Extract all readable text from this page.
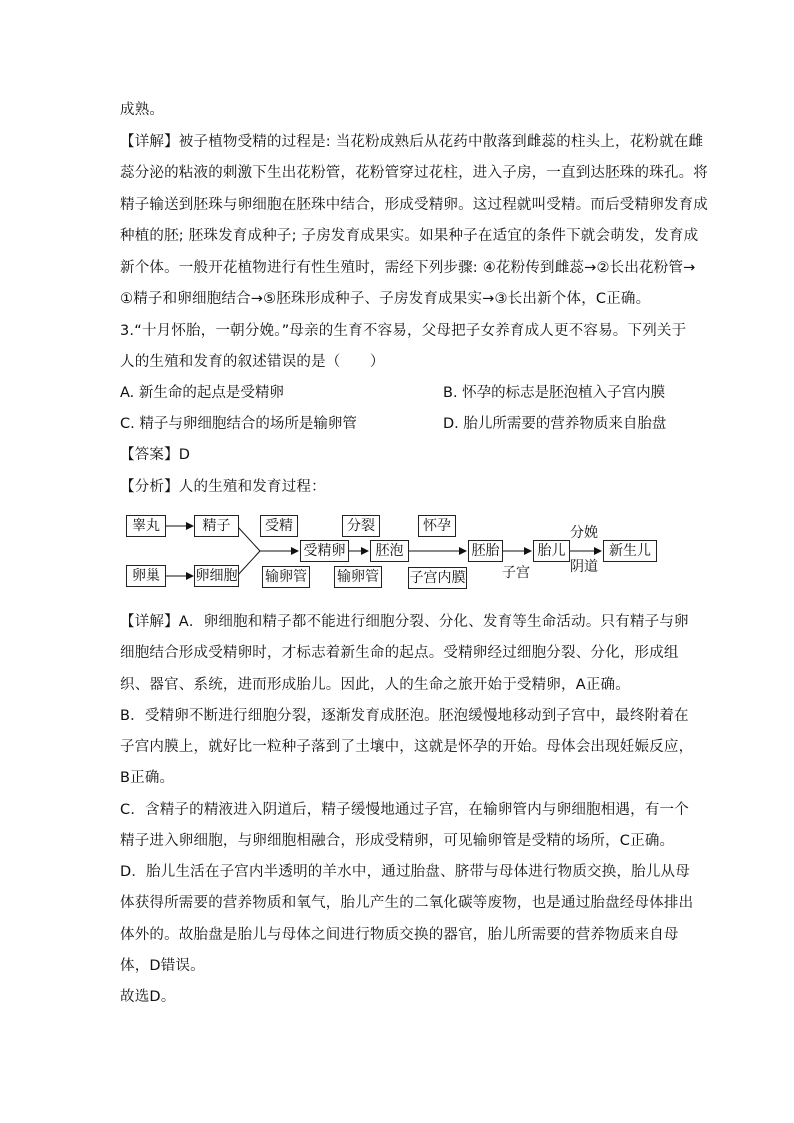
成熟。
【详解】被子植物受精的过程是: 当花粉成熟后从花药中散落到雌蕊的柱头上，花粉就在雌
蕊分泌的粘液的刺激下生出花粉管，花粉管穿过花柱，进入子房，一直到达胚珠的珠孔。将
精子输送到胚珠与卵细胞在胚珠中结合，形成受精卵。这过程就叫受精。而后受精卵发育成
种植的胚; 胚珠发育成种子; 子房发育成果实。如果种子在适宜的条件下就会萌发，发育成
新个体。一般开花植物进行有性生殖时，需经下列步骤: ④花粉传到雌蕊→②长出花粉管→
①精子和卵细胞结合→⑤胚珠形成种子、子房发育成果实→③长出新个体，C正确。
3.“十月怀胎，一朝分娩。”母亲的生育不容易，父母把子女养育成人更不容易。下列关于
人的生殖和发育的叙述错误的是（　　）
A. 新生命的起点是受精卵	B. 怀孕的标志是胚泡植入子宫内膜
C. 精子与卵细胞结合的场所是输卵管	D. 胎儿所需要的营养物质来自胎盘
【答案】D
【分析】人的生殖和发育过程：
睾丸	精子
卵巢	卵细胞
受精
输卵管
受精卵
分裂
输卵管
胚泡
怀孕
子宫内膜
胚胎
子宫
胎儿
分娩
阴道
新生儿
【详解】A．卵细胞和精子都不能进行细胞分裂、分化、发育等生命活动。只有精子与卵
细胞结合形成受精卵时，才标志着新生命的起点。受精卵经过细胞分裂、分化，形成组
织、器官、系统，进而形成胎儿。因此，人的生命之旅开始于受精卵，A正确。
B．受精卵不断进行细胞分裂，逐渐发育成胚泡。胚泡缓慢地移动到子宫中，最终附着在
子宫内膜上，就好比一粒种子落到了土壤中，这就是怀孕的开始。母体会出现妊娠反应，
B正确。
C．含精子的精液进入阴道后，精子缓慢地通过子宫，在输卵管内与卵细胞相遇，有一个
精子进入卵细胞，与卵细胞相融合，形成受精卵，可见输卵管是受精的场所，C正确。
D．胎儿生活在子宫内半透明的羊水中，通过胎盘、脐带与母体进行物质交换，胎儿从母
体获得所需要的营养物质和氧气，胎儿产生的二氧化碳等废物，也是通过胎盘经母体排出
体外的。故胎盘是胎儿与母体之间进行物质交换的器官，胎儿所需要的营养物质来自母
体，D错误。
故选D。
